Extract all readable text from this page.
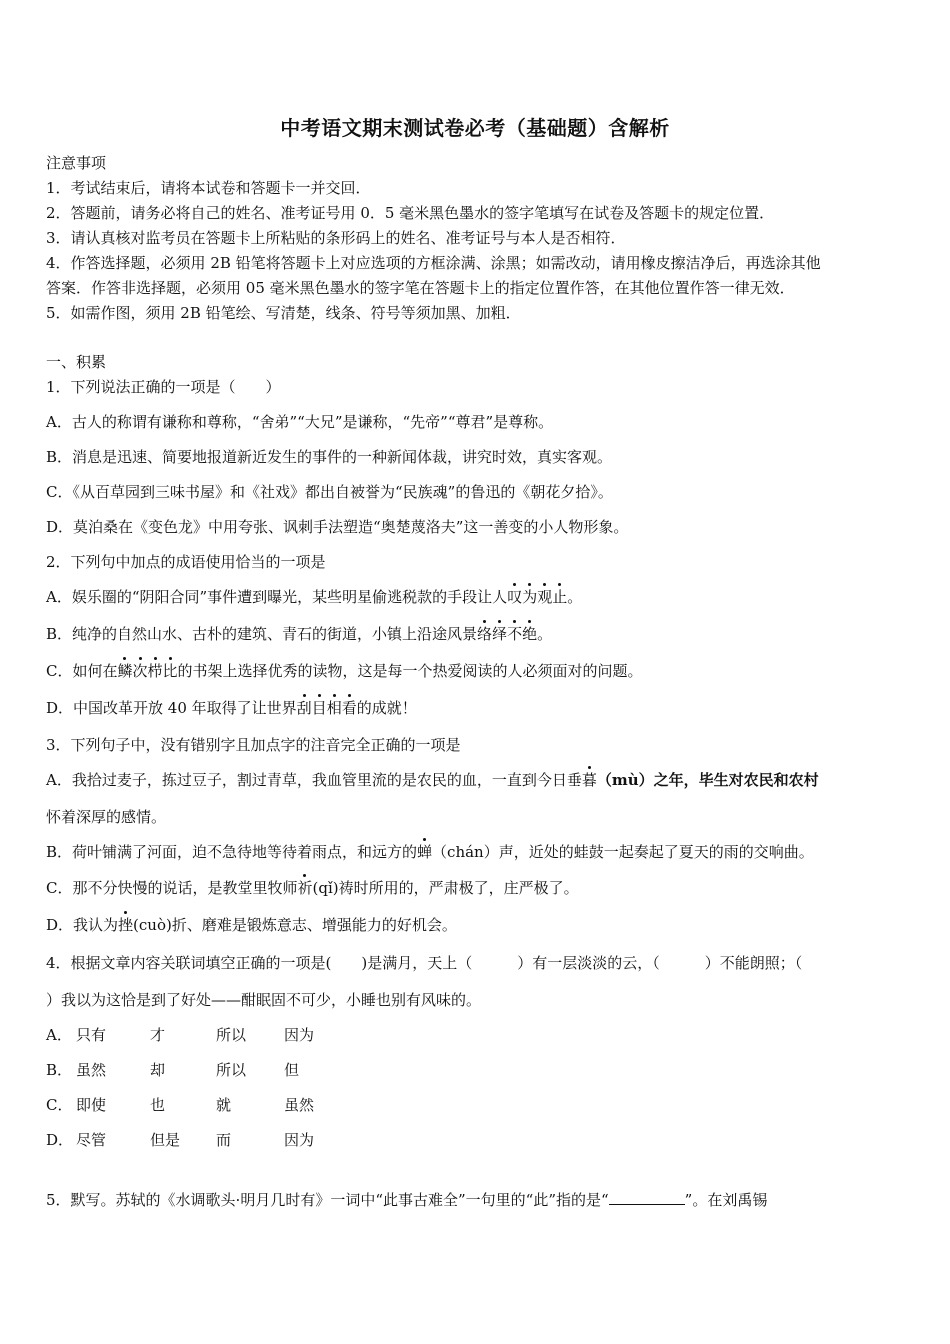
中考语文期末测试卷必考（基础题）含解析
注意事项
1．考试结束后，请将本试卷和答题卡一并交回．
2．答题前，请务必将自己的姓名、准考证号用 0．5 毫米黑色墨水的签字笔填写在试卷及答题卡的规定位置．
3．请认真核对监考员在答题卡上所粘贴的条形码上的姓名、准考证号与本人是否相符．
4．作答选择题，必须用 2B 铅笔将答题卡上对应选项的方框涂满、涂黑；如需改动，请用橡皮擦洁净后，再选涂其他
答案．作答非选择题，必须用 05 毫米黑色墨水的签字笔在答题卡上的指定位置作答，在其他位置作答一律无效．
5．如需作图，须用 2B 铅笔绘、写清楚，线条、符号等须加黑、加粗．
一、积累
1．下列说法正确的一项是（　　）
A．古人的称谓有谦称和尊称，“舍弟”“大兄”是谦称，“先帝”“尊君”是尊称。
B．消息是迅速、简要地报道新近发生的事件的一种新闻体裁，讲究时效，真实客观。
C．《从百草园到三味书屋》和《社戏》都出自被誉为“民族魂”的鲁迅的《朝花夕拾》。
D．莫泊桑在《变色龙》中用夸张、讽刺手法塑造“奥楚蔑洛夫”这一善变的小人物形象。
2．下列句中加点的成语使用恰当的一项是
A．娱乐圈的“阴阳合同”事件遭到曝光，某些明星偷逃税款的手段让人叹为观止。
B．纯净的自然山水、古朴的建筑、青石的街道，小镇上沿途风景络绎不绝。
C．如何在鳞次栉比的书架上选择优秀的读物，这是每一个热爱阅读的人必须面对的问题。
D．中国改革开放 40 年取得了让世界刮目相看的成就！
3．下列句子中，没有错别字且加点字的注音完全正确的一项是
A．我拾过麦子，拣过豆子，割过青草，我血管里流的是农民的血，一直到今日垂暮（mù）之年，毕生对农民和农村
怀着深厚的感情。
B．荷叶铺满了河面，迫不急待地等待着雨点，和远方的蝉（chán）声，近处的蛙鼓一起奏起了夏天的雨的交响曲。
C．那不分快慢的说话，是教堂里牧师祈(qǐ)祷时所用的，严肃极了，庄严极了。
D．我认为挫(cuò)折、磨难是锻炼意志、增强能力的好机会。
4．根据文章内容关联词填空正确的一项是(　　)是满月，天上（　　　）有一层淡淡的云，（　　　）不能朗照；（
）我以为这恰是到了好处——酣眠固不可少，小睡也别有风味的。
A． 只有	才	所以	因为
B． 虽然	却	所以	但
C． 即使	也	就	虽然
D． 尽管	但是 而	因为
5．默写。苏轼的《水调歌头·明月几时有》一词中“此事古难全”一句里的“此”指的是“	”。在刘禹锡
